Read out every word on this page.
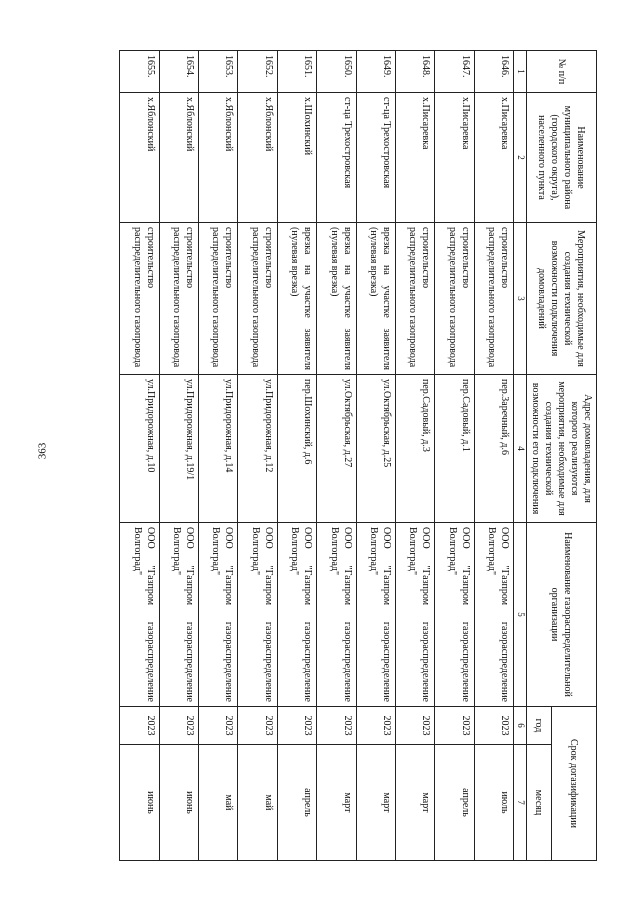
363
№ п/п	Наименование муниципального района (городского округа), населенного пункта	Мероприятия, необходимые для создания технической возможности подключения домовладений	Адрес домовладения, для которого реализуются мероприятия, необходимые для создания технической возможности его подключения	Наименование газораспределительной организации	Срок догазификации	
					год	месяц
1	2	3	4	5	6	7
1646.	х.Писаревка	строительство распределительного газопровода	пер.Заречный, д.6	ООО "Газпром газораспределение Волгоград"	2023	июль
1647.	х.Писаревка	строительство распределительного газопровода	пер.Садовый, д.1	ООО "Газпром газораспределение Волгоград"	2023	апрель
1648.	х.Писаревка	строительство распределительного газопровода	пер.Садовый, д.3	ООО "Газпром газораспределение Волгоград"	2023	март
1649.	ст-ца Трехостровская	врезка на участке заявителя (нулевая врезка)	ул.Октябрьская, д.25	ООО "Газпром газораспределение Волгоград"	2023	март
1650.	ст-ца Трехостровская	врезка на участке заявителя (нулевая врезка)	ул.Октябрьская, д.27	ООО "Газпром газораспределение Волгоград"	2023	март
1651.	х.Шохинский	врезка на участке заявителя (нулевая врезка)	пер.Шохинский, д.6	ООО "Газпром газораспределение Волгоград"	2023	апрель
1652.	х.Яблонский	строительство распределительного газопровода	ул.Придорожная, д.12	ООО "Газпром газораспределение Волгоград"	2023	май
1653.	х.Яблонский	строительство распределительного газопровода	ул.Придорожная, д.14	ООО "Газпром газораспределение Волгоград"	2023	май
1654.	х.Яблонский	строительство распределительного газопровода	ул.Придорожная, д.19/1	ООО "Газпром газораспределение Волгоград"	2023	июнь
1655.	х.Яблонский	строительство распределительного газопровода	ул.Придорожная, д.10	ООО "Газпром газораспределение Волгоград"	2023	июнь
